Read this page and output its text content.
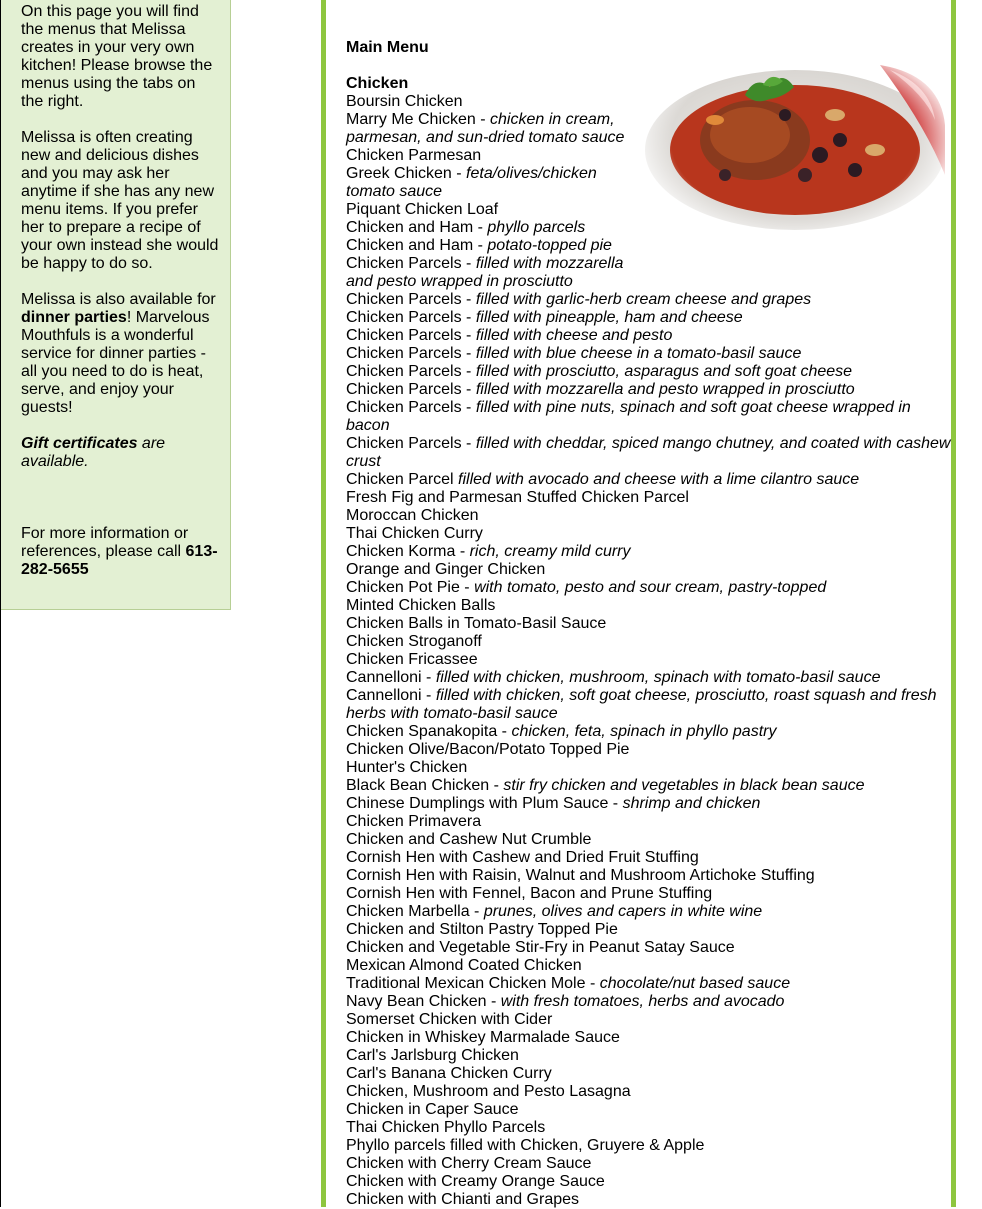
On this page you will find the menus that Melissa creates in your very own kitchen! Please browse the menus using the tabs on the right.

Melissa is often creating new and delicious dishes and you may ask her anytime if she has any new menu items. If you prefer her to prepare a recipe of your own instead she would be happy to do so.

Melissa is also available for dinner parties! Marvelous Mouthfuls is a wonderful service for dinner parties - all you need to do is heat, serve, and enjoy your guests!

Gift certificates are available.

For more information or references, please call 613-282-5655

Main Menu
Chicken
Boursin Chicken
Marry Me Chicken - chicken in cream, parmesan, and sun-dried tomato sauce
Chicken Parmesan
Greek Chicken - feta/olives/chicken tomato sauce
Piquant Chicken Loaf
Chicken and Ham - phyllo parcels
Chicken and Ham - potato-topped pie
Chicken Parcels - filled with mozzarella and pesto wrapped in prosciutto
Chicken Parcels - filled with garlic-herb cream cheese and grapes
Chicken Parcels - filled with pineapple, ham and cheese
Chicken Parcels - filled with cheese and pesto
Chicken Parcels - filled with blue cheese in a tomato-basil sauce
Chicken Parcels - filled with prosciutto, asparagus and soft goat cheese
Chicken Parcels - filled with mozzarella and pesto wrapped in prosciutto
Chicken Parcels - filled with pine nuts, spinach and soft goat cheese wrapped in bacon
Chicken Parcels - filled with cheddar, spiced mango chutney, and coated with cashew crust
Chicken Parcel filled with avocado and cheese with a lime cilantro sauce
Fresh Fig and Parmesan Stuffed Chicken Parcel
Moroccan Chicken
Thai Chicken Curry
Chicken Korma - rich, creamy mild curry
Orange and Ginger Chicken
Chicken Pot Pie - with tomato, pesto and sour cream, pastry-topped
Minted Chicken Balls
Chicken Balls in Tomato-Basil Sauce
Chicken Stroganoff
Chicken Fricassee
Cannelloni - filled with chicken, mushroom, spinach with tomato-basil sauce
Cannelloni - filled with chicken, soft goat cheese, prosciutto, roast squash and fresh herbs with tomato-basil sauce
Chicken Spanakopita - chicken, feta, spinach in phyllo pastry
Chicken Olive/Bacon/Potato Topped Pie
Hunter's Chicken
Black Bean Chicken - stir fry chicken and vegetables in black bean sauce
Chinese Dumplings with Plum Sauce - shrimp and chicken
Chicken Primavera
Chicken and Cashew Nut Crumble
Cornish Hen with Cashew and Dried Fruit Stuffing
Cornish Hen with Raisin, Walnut and Mushroom Artichoke Stuffing
Cornish Hen with Fennel, Bacon and Prune Stuffing
Chicken Marbella - prunes, olives and capers in white wine
Chicken and Stilton Pastry Topped Pie
Chicken and Vegetable Stir-Fry in Peanut Satay Sauce
Mexican Almond Coated Chicken
Traditional Mexican Chicken Mole - chocolate/nut based sauce
Navy Bean Chicken - with fresh tomatoes, herbs and avocado
Somerset Chicken with Cider
Chicken in Whiskey Marmalade Sauce
Carl's Jarlsburg Chicken
Carl's Banana Chicken Curry
Chicken, Mushroom and Pesto Lasagna
Chicken in Caper Sauce
Thai Chicken Phyllo Parcels
Phyllo parcels filled with Chicken, Gruyere & Apple
Chicken with Cherry Cream Sauce
Chicken with Creamy Orange Sauce
Chicken with Chianti and Grapes
